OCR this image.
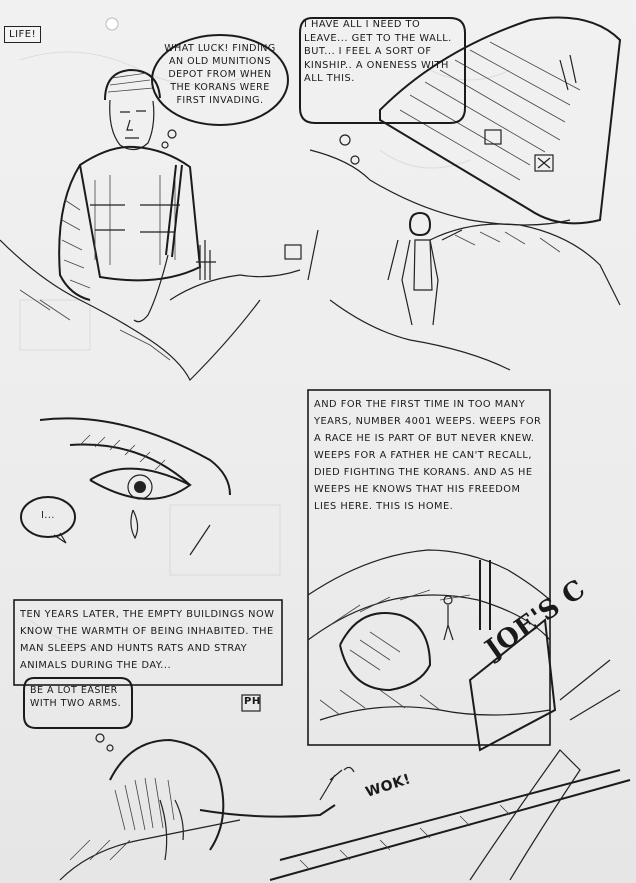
LIFE!
WHAT LUCK! FINDING AN OLD MUNITIONS DEPOT FROM WHEN THE KORANS WERE FIRST INVADING.
I HAVE ALL I NEED TO LEAVE... GET TO THE WALL. BUT... I FEEL A SORT OF KINSHIP.. A ONENESS WITH ALL THIS.
I...
BE A LOT EASIER WITH TWO ARMS.
AND FOR THE FIRST TIME IN TOO MANY YEARS, NUMBER 4001 WEEPS. WEEPS FOR A RACE HE IS PART OF BUT NEVER KNEW. WEEPS FOR A FATHER HE CAN'T RECALL, DIED FIGHTING THE KORANS. AND AS HE WEEPS HE KNOWS THAT HIS FREEDOM LIES HERE. THIS IS HOME.
TEN YEARS LATER, THE EMPTY BUILDINGS NOW KNOW THE WARMTH OF BEING INHABITED. THE MAN SLEEPS AND HUNTS RATS AND STRAY ANIMALS DURING THE DAY...
WOK!
JOE'S C
PH
